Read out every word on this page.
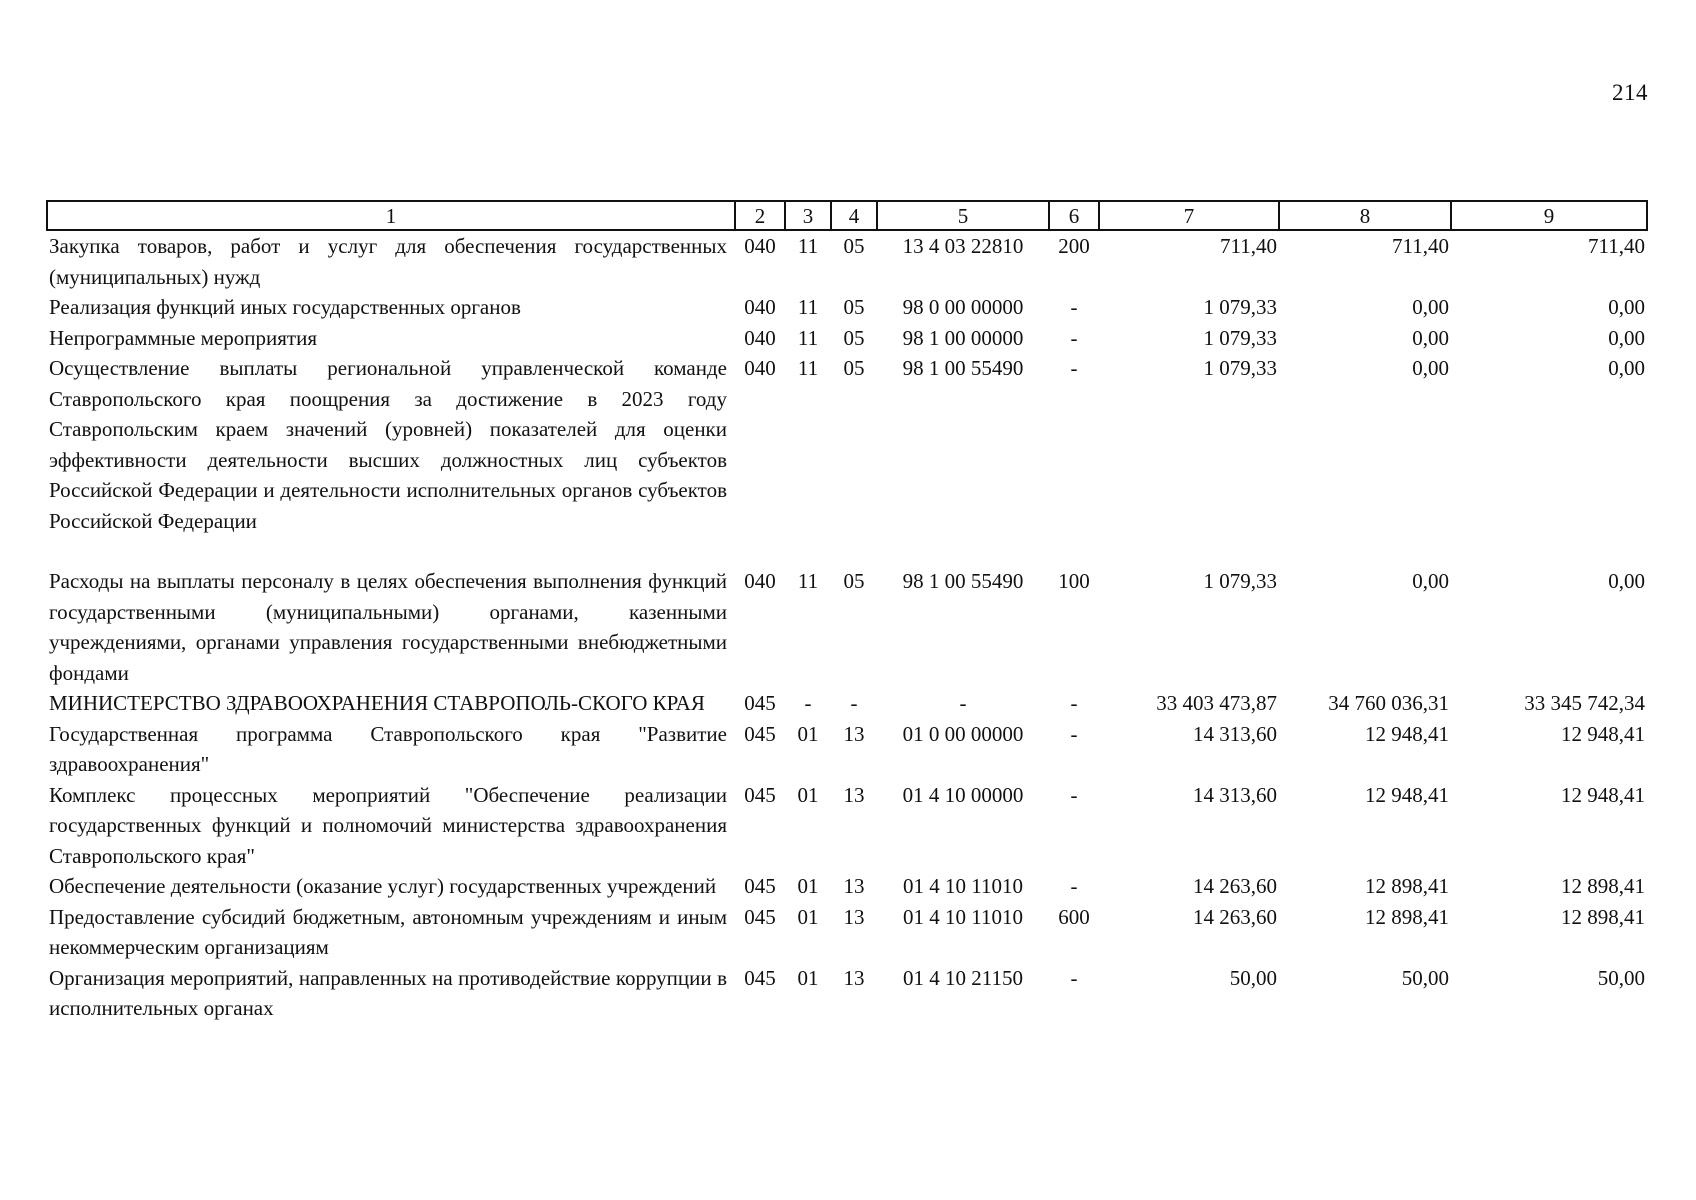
214
1	2	3	4	5	6	7	8	9
Закупка товаров, работ и услуг для обеспечения государственных (муниципальных) нужд	040	11	05	13 4 03 22810	200	711,40	711,40	711,40
Реализация функций иных государственных органов	040	11	05	98 0 00 00000	-	1 079,33	0,00	0,00
Непрограммные мероприятия	040	11	05	98 1 00 00000	-	1 079,33	0,00	0,00
Осуществление выплаты региональной управленческой команде Ставропольского края поощрения за достижение в 2023 году Ставропольским краем значений (уровней) показателей для оценки эффективности деятельности высших должностных лиц субъектов Российской Федерации и деятельности исполнительных органов субъектов Российской Федерации	040	11	05	98 1 00 55490	-	1 079,33	0,00	0,00
Расходы на выплаты персоналу в целях обеспечения выполнения функций государственными (муниципальными) органами, казенными учреждениями, органами управления государственными внебюджетными фондами	040	11	05	98 1 00 55490	100	1 079,33	0,00	0,00
МИНИСТЕРСТВО ЗДРАВООХРАНЕНИЯ СТАВРОПОЛЬ-СКОГО КРАЯ	045	-	-	-	-	33 403 473,87	34 760 036,31	33 345 742,34
Государственная программа Ставропольского края "Развитие здравоохранения"	045	01	13	01 0 00 00000	-	14 313,60	12 948,41	12 948,41
Комплекс процессных мероприятий "Обеспечение реализации государственных функций и полномочий министерства здравоохранения Ставропольского края"	045	01	13	01 4 10 00000	-	14 313,60	12 948,41	12 948,41
Обеспечение деятельности (оказание услуг) государственных учреждений	045	01	13	01 4 10 11010	-	14 263,60	12 898,41	12 898,41
Предоставление субсидий бюджетным, автономным учреждениям и иным некоммерческим организациям	045	01	13	01 4 10 11010	600	14 263,60	12 898,41	12 898,41
Организация мероприятий, направленных на противодействие коррупции в исполнительных органах	045	01	13	01 4 10 21150	-	50,00	50,00	50,00
